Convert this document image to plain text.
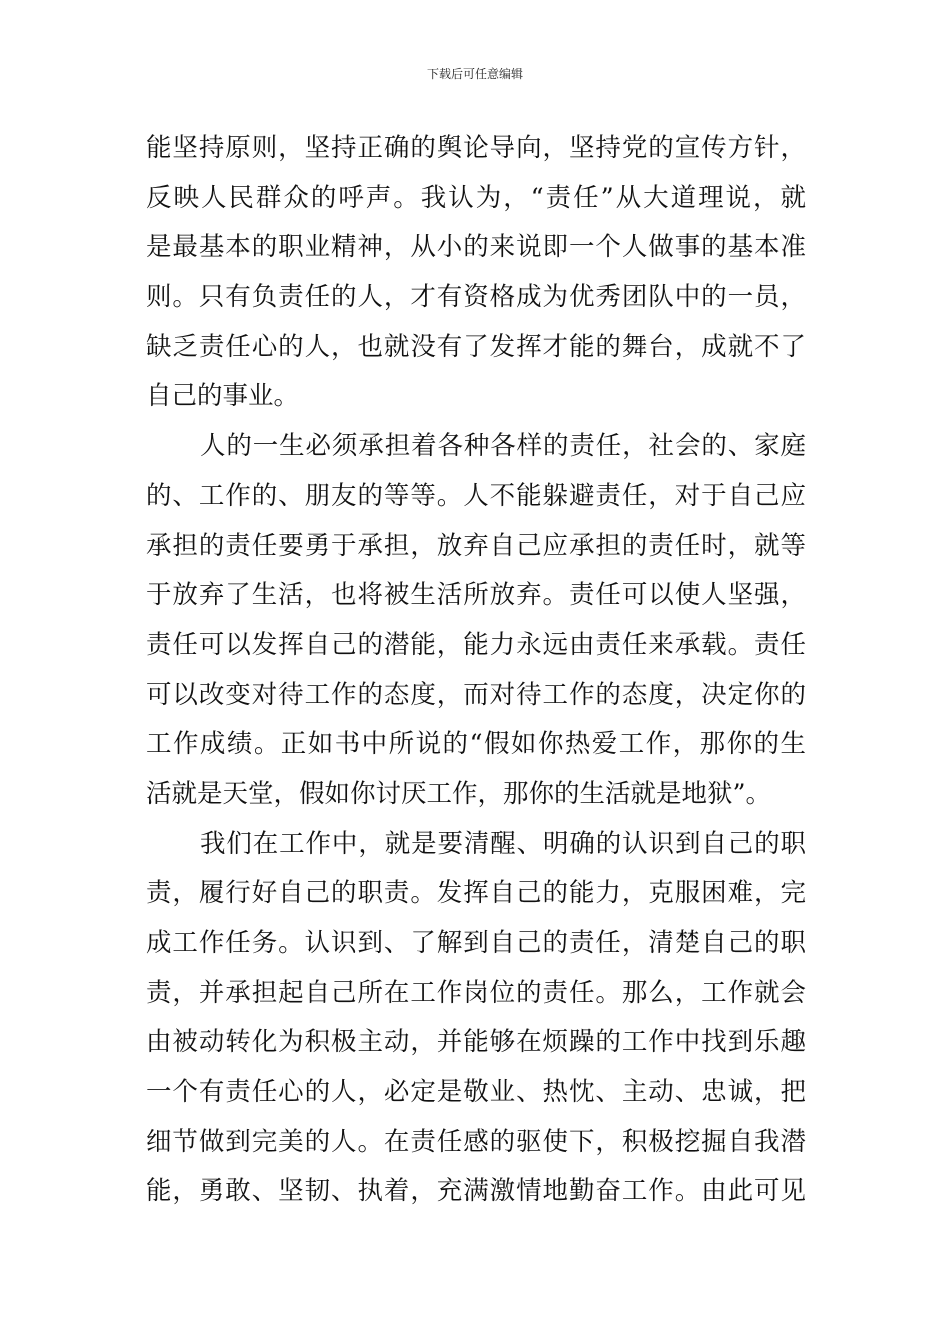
下载后可任意编辑
能坚持原则，坚持正确的舆论导向，坚持党的宣传方针，
反映人民群众的呼声。我认为，“责任”从大道理说，就
是最基本的职业精神，从小的来说即一个人做事的基本准
则。只有负责任的人，才有资格成为优秀团队中的一员，
缺乏责任心的人，也就没有了发挥才能的舞台，成就不了
自己的事业。
人的一生必须承担着各种各样的责任，社会的、家庭
的、工作的、朋友的等等。人不能躲避责任，对于自己应
承担的责任要勇于承担，放弃自己应承担的责任时，就等
于放弃了生活，也将被生活所放弃。责任可以使人坚强，
责任可以发挥自己的潜能，能力永远由责任来承载。责任
可以改变对待工作的态度，而对待工作的态度，决定你的
工作成绩。正如书中所说的“假如你热爱工作，那你的生
活就是天堂，假如你讨厌工作，那你的生活就是地狱”。
我们在工作中，就是要清醒、明确的认识到自己的职
责，履行好自己的职责。发挥自己的能力，克服困难，完
成工作任务。认识到、了解到自己的责任，清楚自己的职
责，并承担起自己所在工作岗位的责任。那么，工作就会
由被动转化为积极主动，并能够在烦躁的工作中找到乐趣
一个有责任心的人，必定是敬业、热忱、主动、忠诚，把
细节做到完美的人。在责任感的驱使下，积极挖掘自我潜
能，勇敢、坚韧、执着，充满激情地勤奋工作。由此可见
